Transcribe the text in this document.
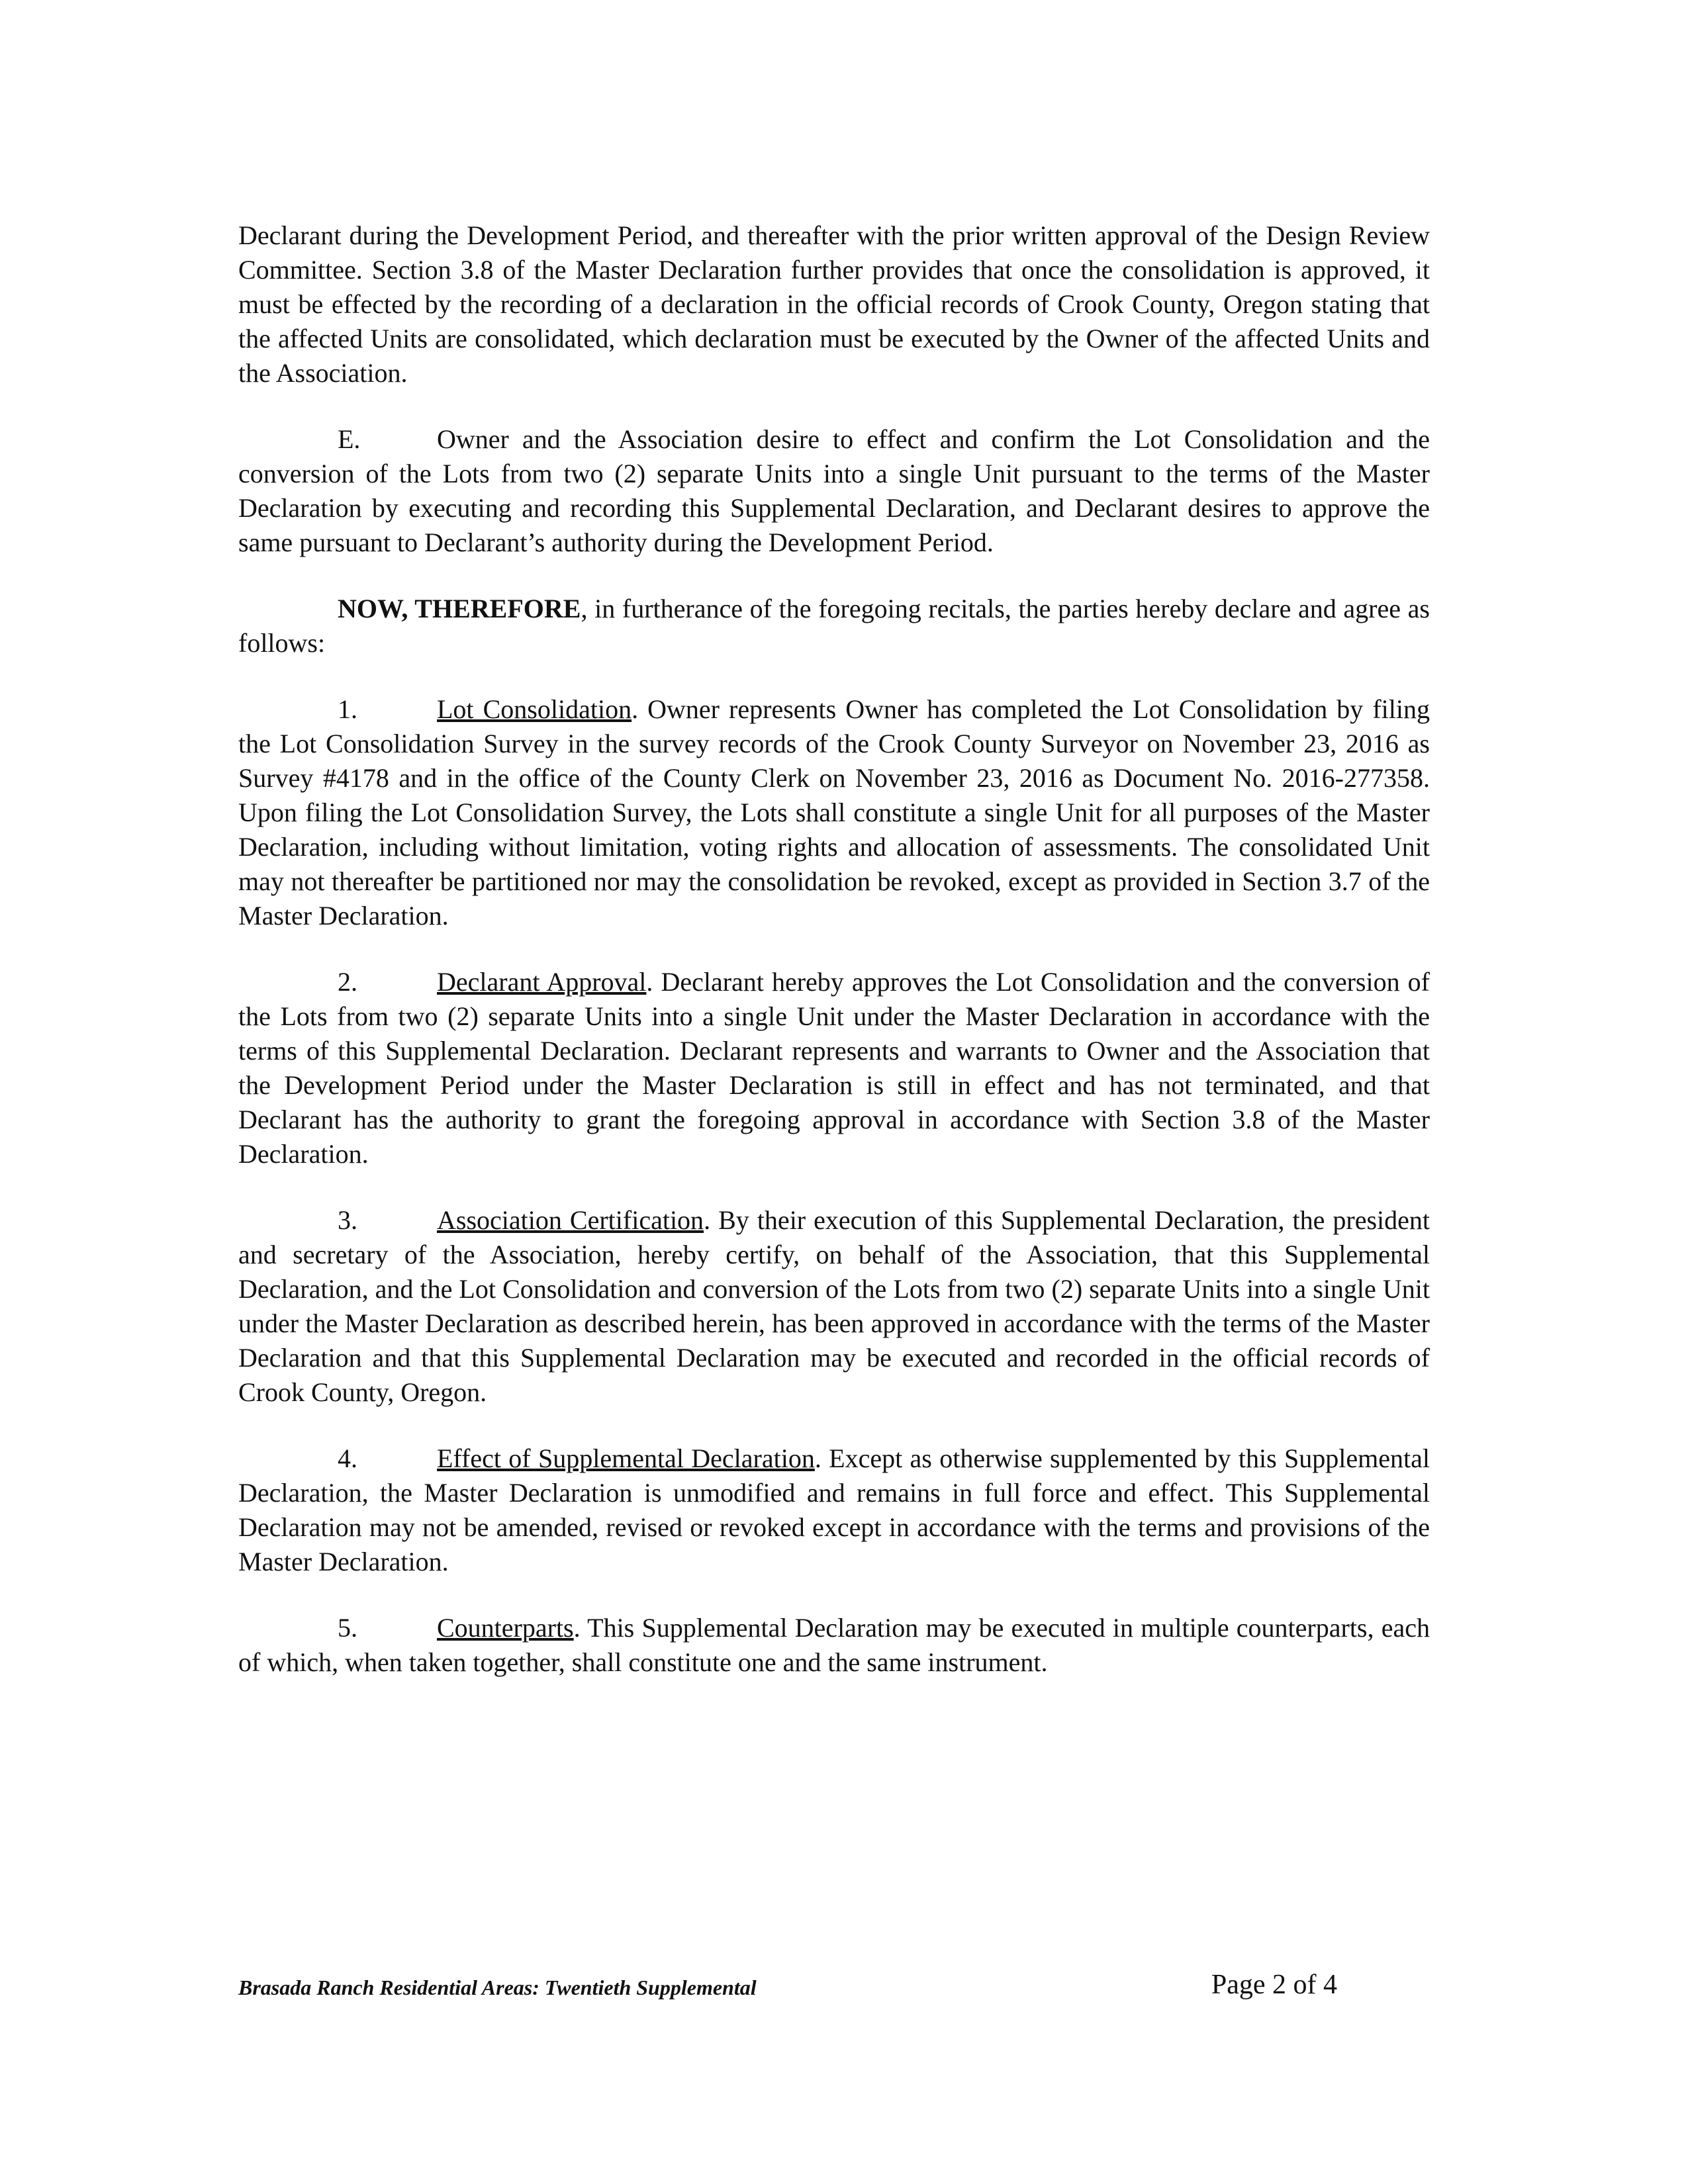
Declarant during the Development Period, and thereafter with the prior written approval of the Design Review Committee. Section 3.8 of the Master Declaration further provides that once the consolidation is approved, it must be effected by the recording of a declaration in the official records of Crook County, Oregon stating that the affected Units are consolidated, which declaration must be executed by the Owner of the affected Units and the Association.

E.	Owner and the Association desire to effect and confirm the Lot Consolidation and the conversion of the Lots from two (2) separate Units into a single Unit pursuant to the terms of the Master Declaration by executing and recording this Supplemental Declaration, and Declarant desires to approve the same pursuant to Declarant’s authority during the Development Period.

NOW, THEREFORE, in furtherance of the foregoing recitals, the parties hereby declare and agree as follows:

1.	Lot Consolidation. Owner represents Owner has completed the Lot Consolidation by filing the Lot Consolidation Survey in the survey records of the Crook County Surveyor on November 23, 2016 as Survey #4178 and in the office of the County Clerk on November 23, 2016 as Document No. 2016-277358. Upon filing the Lot Consolidation Survey, the Lots shall constitute a single Unit for all purposes of the Master Declaration, including without limitation, voting rights and allocation of assessments. The consolidated Unit may not thereafter be partitioned nor may the consolidation be revoked, except as provided in Section 3.7 of the Master Declaration.

2.	Declarant Approval. Declarant hereby approves the Lot Consolidation and the conversion of the Lots from two (2) separate Units into a single Unit under the Master Declaration in accordance with the terms of this Supplemental Declaration. Declarant represents and warrants to Owner and the Association that the Development Period under the Master Declaration is still in effect and has not terminated, and that Declarant has the authority to grant the foregoing approval in accordance with Section 3.8 of the Master Declaration.

3.	Association Certification. By their execution of this Supplemental Declaration, the president and secretary of the Association, hereby certify, on behalf of the Association, that this Supplemental Declaration, and the Lot Consolidation and conversion of the Lots from two (2) separate Units into a single Unit under the Master Declaration as described herein, has been approved in accordance with the terms of the Master Declaration and that this Supplemental Declaration may be executed and recorded in the official records of Crook County, Oregon.

4.	Effect of Supplemental Declaration. Except as otherwise supplemented by this Supplemental Declaration, the Master Declaration is unmodified and remains in full force and effect. This Supplemental Declaration may not be amended, revised or revoked except in accordance with the terms and provisions of the Master Declaration.

5.	Counterparts. This Supplemental Declaration may be executed in multiple counterparts, each of which, when taken together, shall constitute one and the same instrument.

Brasada Ranch Residential Areas: Twentieth Supplemental	Page 2 of 4
